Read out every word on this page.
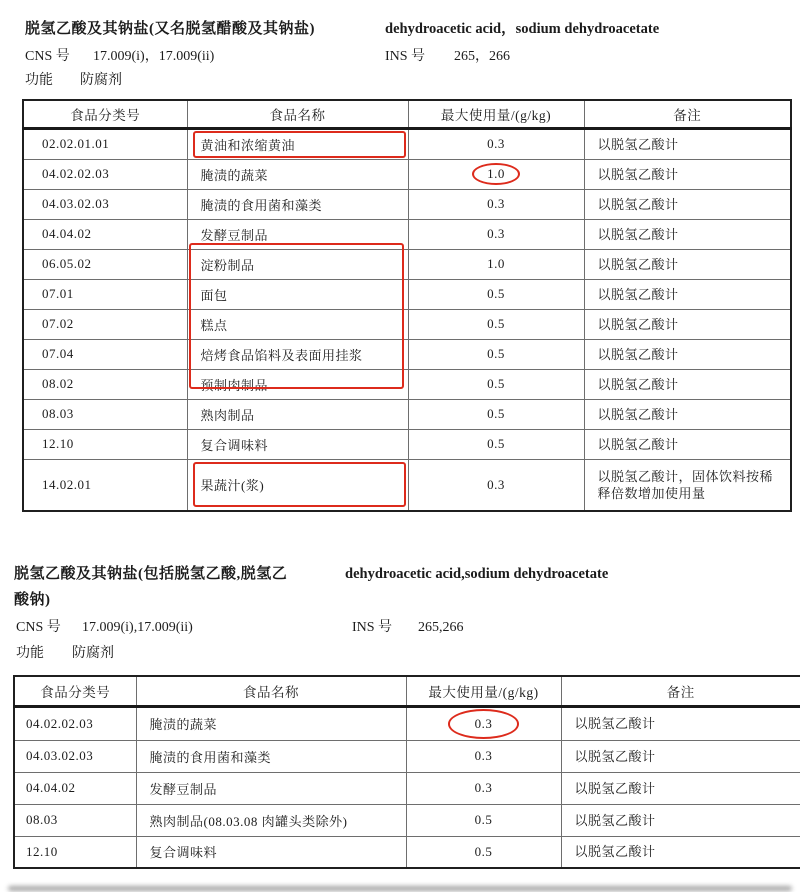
脱氢乙酸及其钠盐(又名脱氢醋酸及其钠盐)	dehydroacetic acid，sodium dehydroacetate
CNS 号 17.009(i)，17.009(ii)	INS 号 265，266
功能 防腐剂
食品分类号	食品名称	最大使用量/(g/kg)	备注
02.02.01.01	黄油和浓缩黄油	0.3	以脱氢乙酸计
04.02.02.03	腌渍的蔬菜	1.0	以脱氢乙酸计
04.03.02.03	腌渍的食用菌和藻类	0.3	以脱氢乙酸计
04.04.02	发酵豆制品	0.3	以脱氢乙酸计
06.05.02	淀粉制品	1.0	以脱氢乙酸计
07.01	面包	0.5	以脱氢乙酸计
07.02	糕点	0.5	以脱氢乙酸计
07.04	焙烤食品馅料及表面用挂浆	0.5	以脱氢乙酸计
08.02	预制肉制品	0.5	以脱氢乙酸计
08.03	熟肉制品	0.5	以脱氢乙酸计
12.10	复合调味料	0.5	以脱氢乙酸计
14.02.01	果蔬汁(浆)	0.3	以脱氢乙酸计，固体饮料按稀释倍数增加使用量
脱氢乙酸及其钠盐(包括脱氢乙酸,脱氢乙	dehydroacetic acid,sodium dehydroacetate
酸钠)
CNS 号 17.009(i),17.009(ii)	INS 号 265,266
功能 防腐剂
食品分类号	食品名称	最大使用量/(g/kg)	备注
04.02.02.03	腌渍的蔬菜	0.3	以脱氢乙酸计
04.03.02.03	腌渍的食用菌和藻类	0.3	以脱氢乙酸计
04.04.02	发酵豆制品	0.3	以脱氢乙酸计
08.03	熟肉制品(08.03.08 肉罐头类除外)	0.5	以脱氢乙酸计
12.10	复合调味料	0.5	以脱氢乙酸计
